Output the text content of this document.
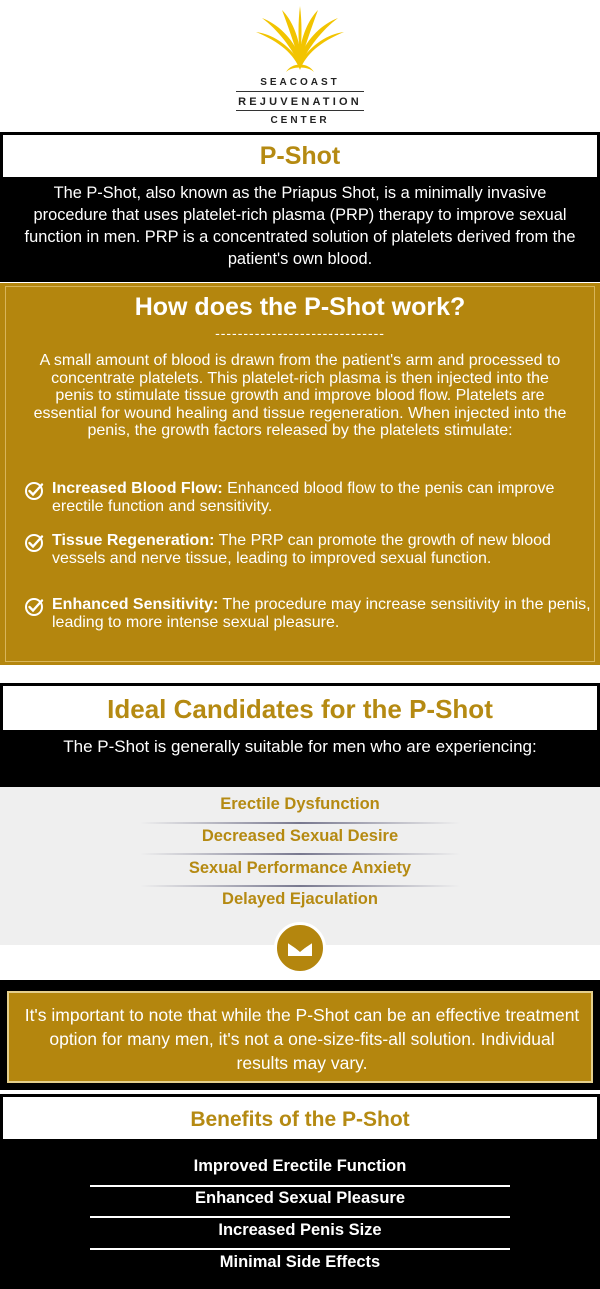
SEACOAST
REJUVENATION
CENTER
P-Shot
The P-Shot, also known as the Priapus Shot, is a minimally invasive procedure that uses platelet-rich plasma (PRP) therapy to improve sexual function in men. PRP is a concentrated solution of platelets derived from the patient's own blood.
How does the P-Shot work?
------------------------------
A small amount of blood is drawn from the patient's arm and processed to concentrate platelets. This platelet-rich plasma is then injected into the penis to stimulate tissue growth and improve blood flow. Platelets are essential for wound healing and tissue regeneration. When injected into the penis, the growth factors released by the platelets stimulate:
Increased Blood Flow: Enhanced blood flow to the penis can improve erectile function and sensitivity.
Tissue Regeneration: The PRP can promote the growth of new blood vessels and nerve tissue, leading to improved sexual function.
Enhanced Sensitivity: The procedure may increase sensitivity in the penis, leading to more intense sexual pleasure.
Ideal Candidates for the P-Shot
The P-Shot is generally suitable for men who are experiencing:
Erectile Dysfunction
Decreased Sexual Desire
Sexual Performance Anxiety
Delayed Ejaculation
It's important to note that while the P-Shot can be an effective treatment option for many men, it's not a one-size-fits-all solution. Individual results may vary.
Benefits of the P-Shot
Improved Erectile Function
Enhanced Sexual Pleasure
Increased Penis Size
Minimal Side Effects
